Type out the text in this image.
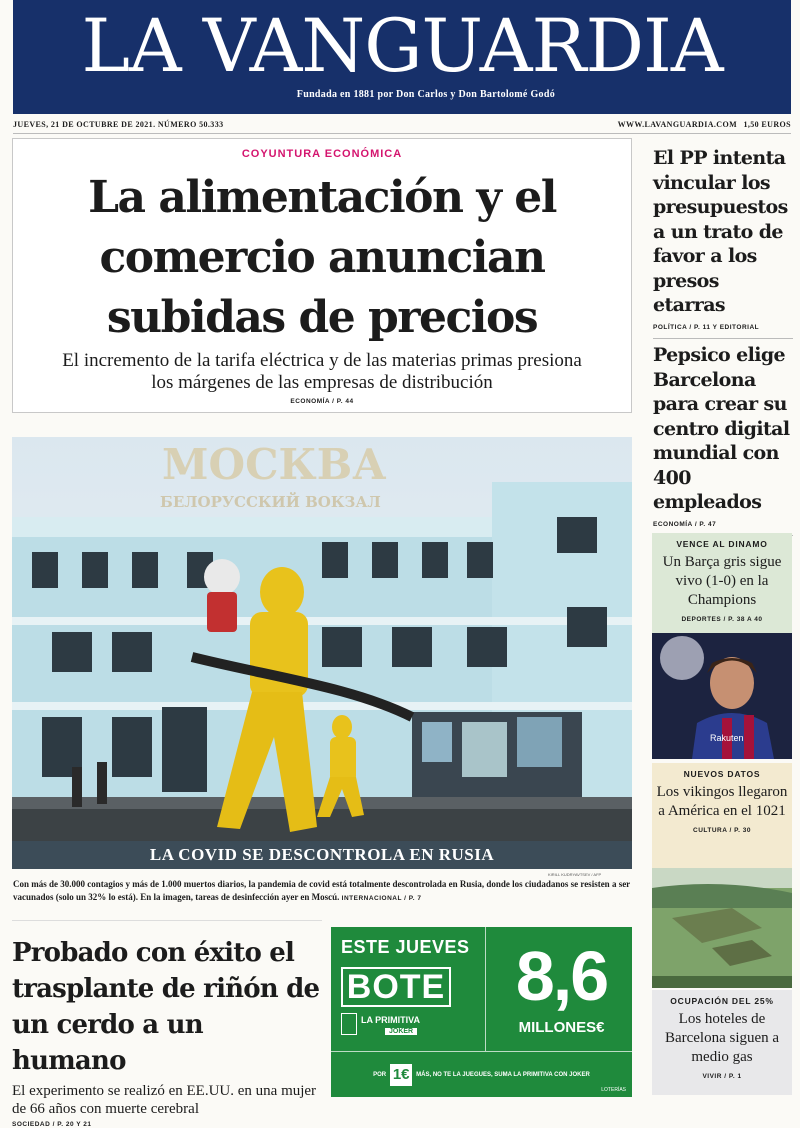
LA VANGUARDIA
Fundada en 1881 por Don Carlos y Don Bartolomé Godó
JUEVES, 21 DE OCTUBRE DE 2021. NÚMERO 50.333	WWW.LAVANGUARDIA.COM 1,50 EUROS
COYUNTURA ECONÓMICA
La alimentación y el comercio anuncian subidas de precios

El incremento de la tarifa eléctrica y de las materias primas presiona los márgenes de las empresas de distribución

ECONOMÍA / P. 44
МОСКВА
БЕЛОРУССКИЙ ВОКЗАЛ
LA COVID SE DESCONTROLA EN RUSIA
KIRILL KUDRYAVTSEV / AFP

Con más de 30.000 contagios y más de 1.000 muertos diarios, la pandemia de covid está totalmente descontrolada en Rusia, donde los ciudadanos se resisten a ser vacunados (solo un 32% lo está). En la imagen, tareas de desinfección ayer en Moscú. INTERNACIONAL / P. 7

Probado con éxito el trasplante de riñón de un cerdo a un humano

El experimento se realizó en EE.UU. en una mujer de 66 años con muerte cerebral

SOCIEDAD / P. 20 Y 21
ESTE JUEVES
BOTE
LA PRIMITIVA
JOKER
8,6
MILLONES€
POR 1€	MÁS, NO TE LA JUEGUES, SUMA LA PRIMITIVA CON JOKER
LOTERÍAS
El PP intenta vincular los presupuestos a un trato de favor a los presos etarras
POLÍTICA / P. 11 Y EDITORIAL
Pepsico elige Barcelona para crear su centro digital mundial con 400 empleados
ECONOMÍA / P. 47
VENCE AL DINAMO
Un Barça gris sigue vivo (1-0) en la Champions
DEPORTES / P. 38 A 40
Rakuten
NUEVOS DATOS
Los vikingos llegaron a América en el 1021
CULTURA / P. 30
OCUPACIÓN DEL 25%
Los hoteles de Barcelona siguen a medio gas
VIVIR / P. 1
